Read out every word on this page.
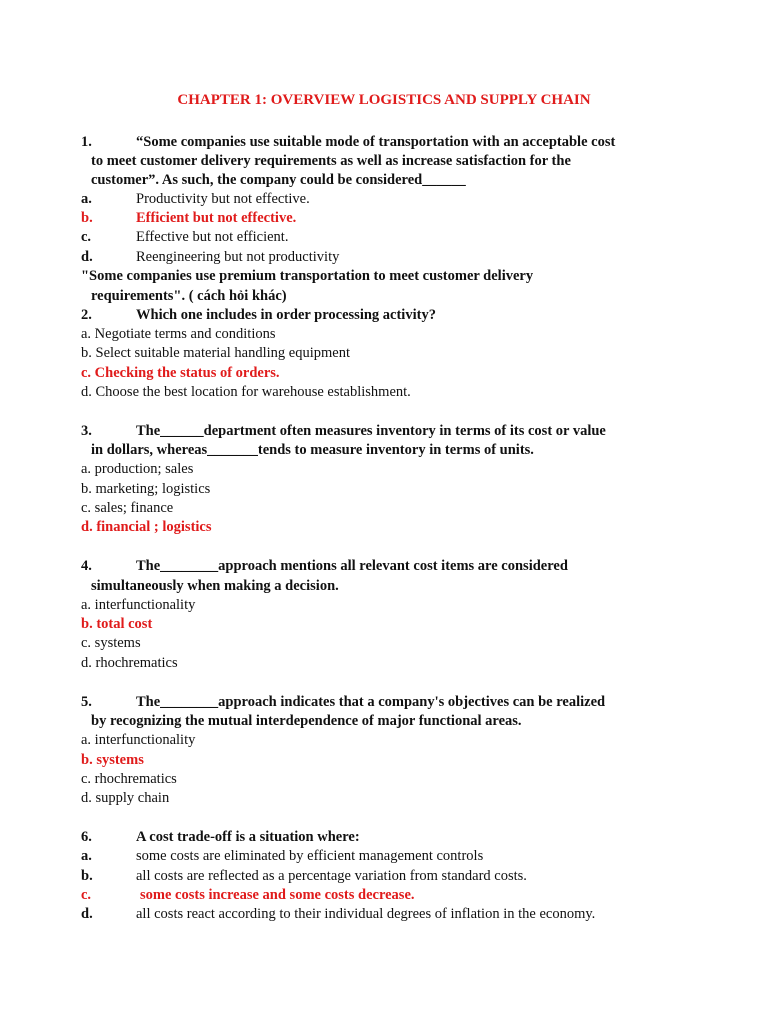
CHAPTER 1: OVERVIEW LOGISTICS AND SUPPLY CHAIN
1.	“Some companies use suitable mode of transportation with an acceptable cost
to meet customer delivery requirements as well as increase satisfaction for the
customer”. As such, the company could be considered______
a.	Productivity but not effective.
b.	Efficient but not effective.
c.	Effective but not efficient.
d.	Reengineering but not productivity
"Some companies use premium transportation to meet customer delivery
requirements". ( cách hỏi khác)
2.	Which one includes in order processing activity?
a. Negotiate terms and conditions
b. Select suitable material handling equipment
c. Checking the status of orders.
d. Choose the best location for warehouse establishment.
3.	The______department often measures inventory in terms of its cost or value
in dollars, whereas_______tends to measure inventory in terms of units.
a. production; sales
b. marketing; logistics
c. sales; finance
d. financial ; logistics
4.	The________approach mentions all relevant cost items are considered
simultaneously when making a decision.
a. interfunctionality
b. total cost
c. systems
d. rhochrematics
5.	The________approach indicates that a company's objectives can be realized
by recognizing the mutual interdependence of major functional areas.
a. interfunctionality
b. systems
c. rhochrematics
d. supply chain
6.	A cost trade-off is a situation where:
a.	some costs are eliminated by efficient management controls
b.	all costs are reflected as a percentage variation from standard costs.
c.	some costs increase and some costs decrease.
d.	all costs react according to their individual degrees of inflation in the economy.
